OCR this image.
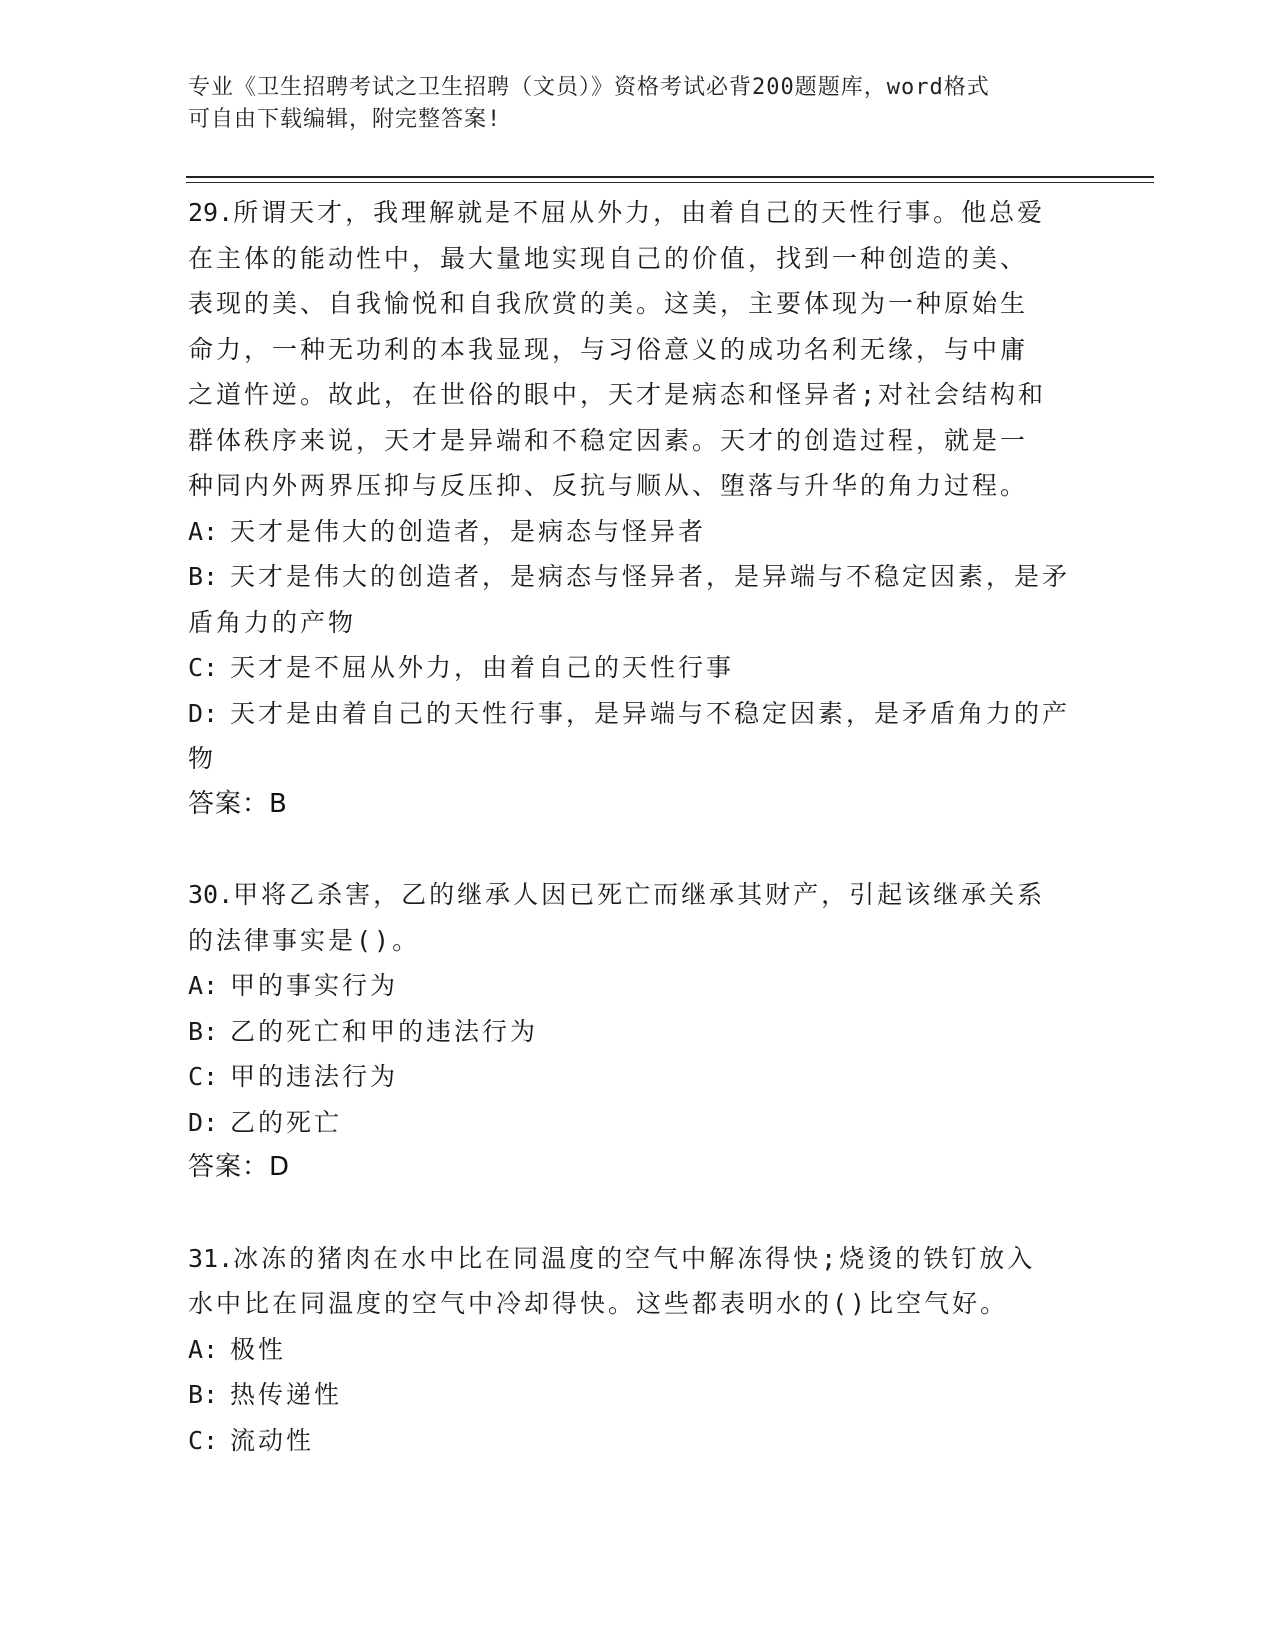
专业《卫生招聘考试之卫生招聘（文员）》资格考试必背200题题库，word格式
可自由下载编辑，附完整答案!
29.所谓天才，我理解就是不屈从外力，由着自己的天性行事。他总爱
在主体的能动性中，最大量地实现自己的价值，找到一种创造的美、
表现的美、自我愉悦和自我欣赏的美。这美，主要体现为一种原始生
命力，一种无功利的本我显现，与习俗意义的成功名利无缘，与中庸
之道忤逆。故此，在世俗的眼中，天才是病态和怪异者;对社会结构和
群体秩序来说，天才是异端和不稳定因素。天才的创造过程，就是一
种同内外两界压抑与反压抑、反抗与顺从、堕落与升华的角力过程。
A: 天才是伟大的创造者，是病态与怪异者
B: 天才是伟大的创造者，是病态与怪异者，是异端与不稳定因素，是矛盾角力的产物
C: 天才是不屈从外力，由着自己的天性行事
D: 天才是由着自己的天性行事，是异端与不稳定因素，是矛盾角力的产物
答案：B
30.甲将乙杀害，乙的继承人因已死亡而继承其财产，引起该继承关系
的法律事实是()。
A: 甲的事实行为
B: 乙的死亡和甲的违法行为
C: 甲的违法行为
D: 乙的死亡
答案：D
31.冰冻的猪肉在水中比在同温度的空气中解冻得快;烧烫的铁钉放入
水中比在同温度的空气中冷却得快。这些都表明水的()比空气好。
A: 极性
B: 热传递性
C: 流动性
